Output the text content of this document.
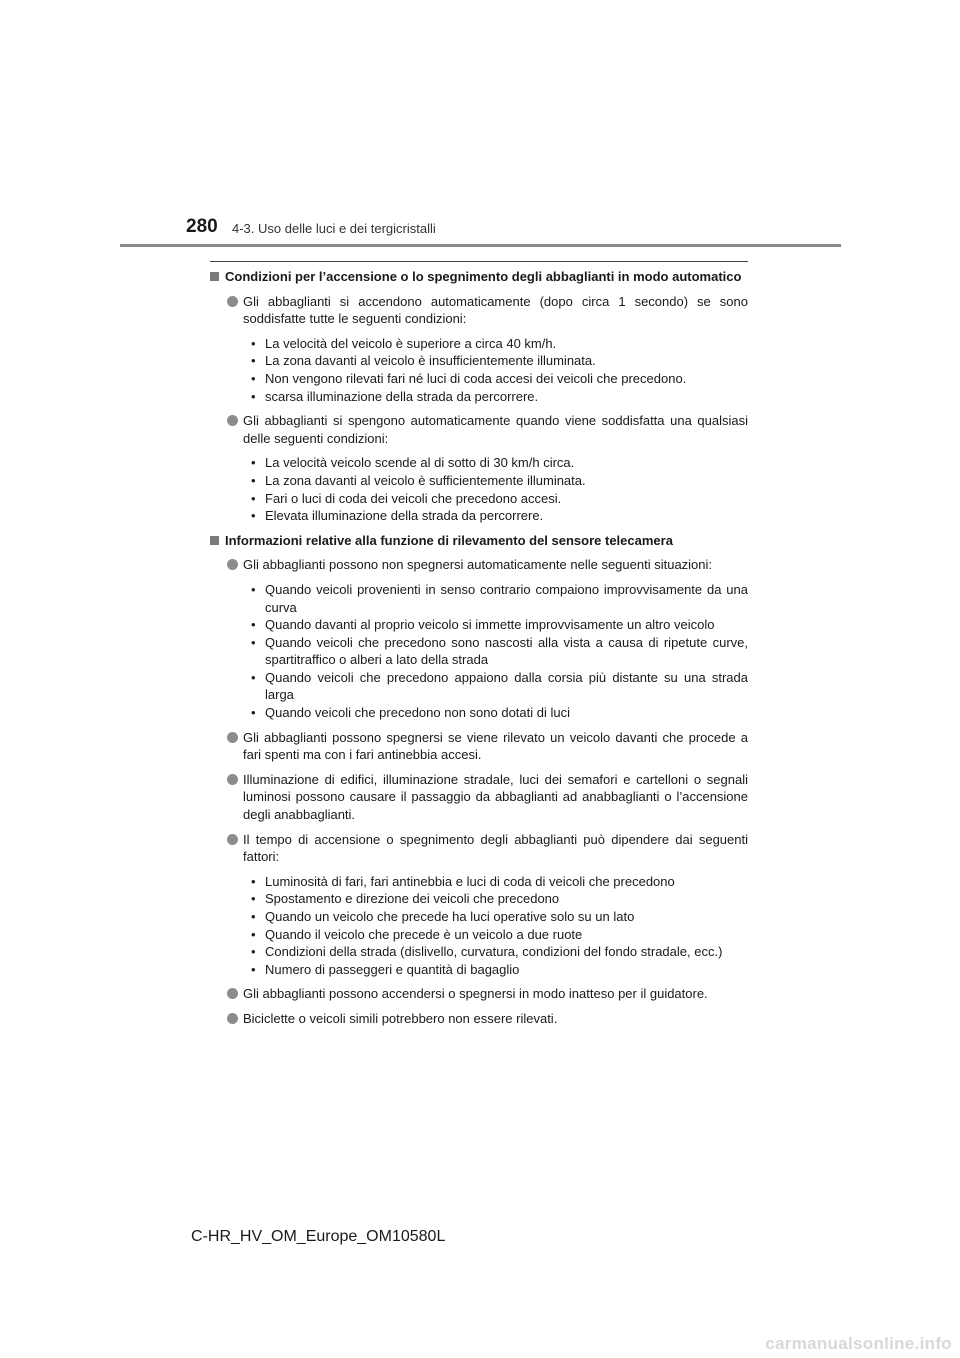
280 4-3. Uso delle luci e dei tergicristalli
Condizioni per l’accensione o lo spegnimento degli abbaglianti in modo automatico
Gli abbaglianti si accendono automaticamente (dopo circa 1 secondo) se sono soddisfatte tutte le seguenti condizioni:
• La velocità del veicolo è superiore a circa 40 km/h.
• La zona davanti al veicolo è insufficientemente illuminata.
• Non vengono rilevati fari né luci di coda accesi dei veicoli che precedono.
• scarsa illuminazione della strada da percorrere.
Gli abbaglianti si spengono automaticamente quando viene soddisfatta una qualsiasi delle seguenti condizioni:
• La velocità veicolo scende al di sotto di 30 km/h circa.
• La zona davanti al veicolo è sufficientemente illuminata.
• Fari o luci di coda dei veicoli che precedono accesi.
• Elevata illuminazione della strada da percorrere.
Informazioni relative alla funzione di rilevamento del sensore telecamera
Gli abbaglianti possono non spegnersi automaticamente nelle seguenti situazioni:
• Quando veicoli provenienti in senso contrario compaiono improvvisamente da una curva
• Quando davanti al proprio veicolo si immette improvvisamente un altro veicolo
• Quando veicoli che precedono sono nascosti alla vista a causa di ripetute curve, spartitraffico o alberi a lato della strada
• Quando veicoli che precedono appaiono dalla corsia più distante su una strada larga
• Quando veicoli che precedono non sono dotati di luci
Gli abbaglianti possono spegnersi se viene rilevato un veicolo davanti che procede a fari spenti ma con i fari antinebbia accesi.
Illuminazione di edifici, illuminazione stradale, luci dei semafori e cartelloni o segnali luminosi possono causare il passaggio da abbaglianti ad anabbaglianti o l’accensione degli anabbaglianti.
Il tempo di accensione o spegnimento degli abbaglianti può dipendere dai seguenti fattori:
• Luminosità di fari, fari antinebbia e luci di coda di veicoli che precedono
• Spostamento e direzione dei veicoli che precedono
• Quando un veicolo che precede ha luci operative solo su un lato
• Quando il veicolo che precede è un veicolo a due ruote
• Condizioni della strada (dislivello, curvatura, condizioni del fondo stradale, ecc.)
• Numero di passeggeri e quantità di bagaglio
Gli abbaglianti possono accendersi o spegnersi in modo inatteso per il guidatore.
Biciclette o veicoli simili potrebbero non essere rilevati.
C-HR_HV_OM_Europe_OM10580L
carmanualsonline.info
